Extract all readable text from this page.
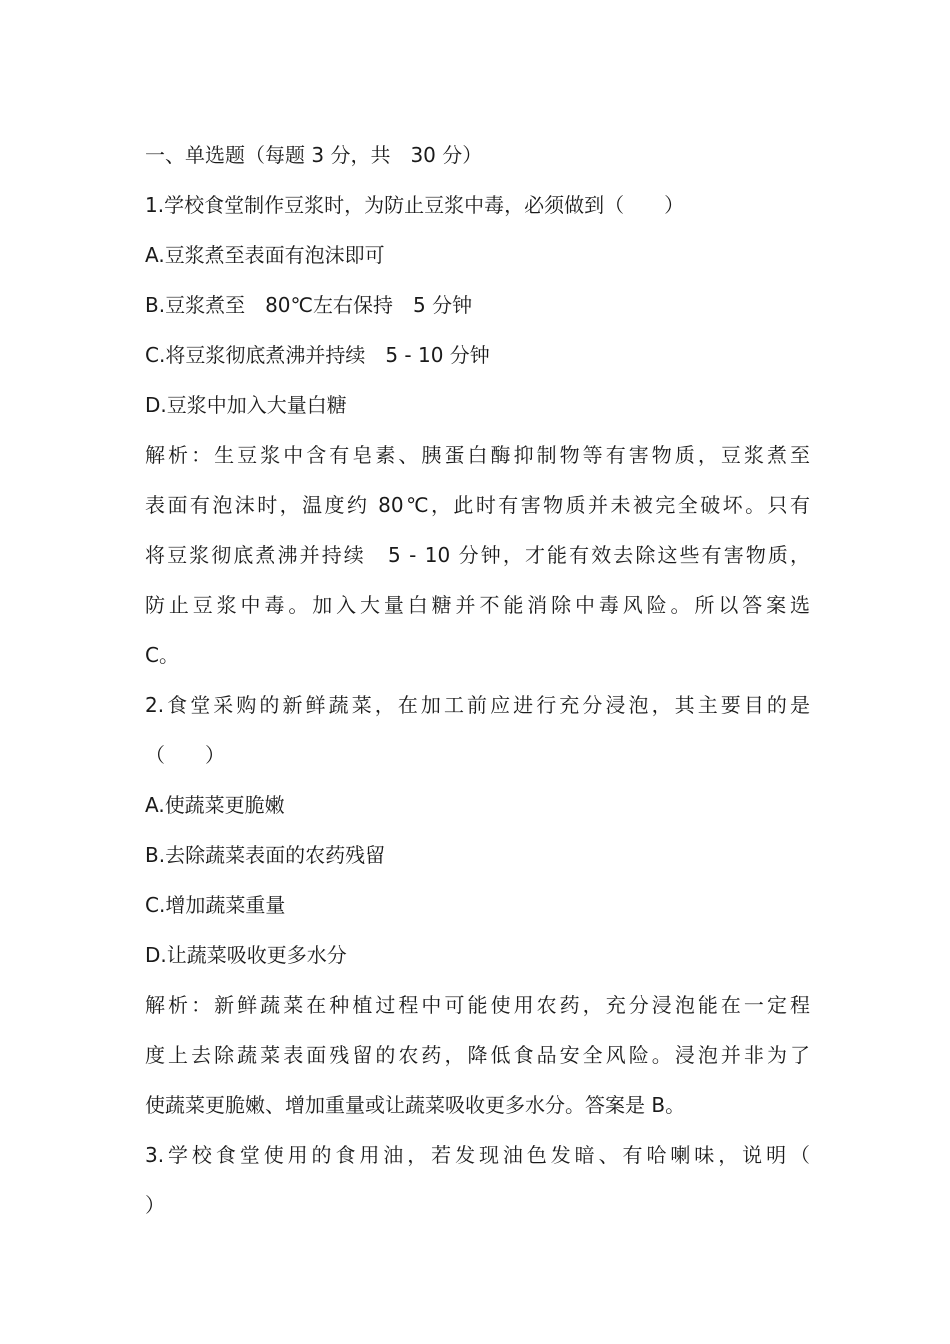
一、单选题（每题 3 分，共　30 分）
1.学校食堂制作豆浆时，为防止豆浆中毒，必须做到（　　）
A.豆浆煮至表面有泡沫即可
B.豆浆煮至　80℃左右保持　5 分钟
C.将豆浆彻底煮沸并持续　5 - 10 分钟
D.豆浆中加入大量白糖
解析：生豆浆中含有皂素、胰蛋白酶抑制物等有害物质，豆浆煮至
表面有泡沫时，温度约 80℃，此时有害物质并未被完全破坏。只有
将豆浆彻底煮沸并持续　5 - 10 分钟，才能有效去除这些有害物质，
防止豆浆中毒。加入大量白糖并不能消除中毒风险。所以答案选
C。
2.食堂采购的新鲜蔬菜，在加工前应进行充分浸泡，其主要目的是
（　　）
A.使蔬菜更脆嫩
B.去除蔬菜表面的农药残留
C.增加蔬菜重量
D.让蔬菜吸收更多水分
解析：新鲜蔬菜在种植过程中可能使用农药，充分浸泡能在一定程
度上去除蔬菜表面残留的农药，降低食品安全风险。浸泡并非为了
使蔬菜更脆嫩、增加重量或让蔬菜吸收更多水分。答案是 B。
3.学校食堂使用的食用油，若发现油色发暗、有哈喇味，说明（
）
